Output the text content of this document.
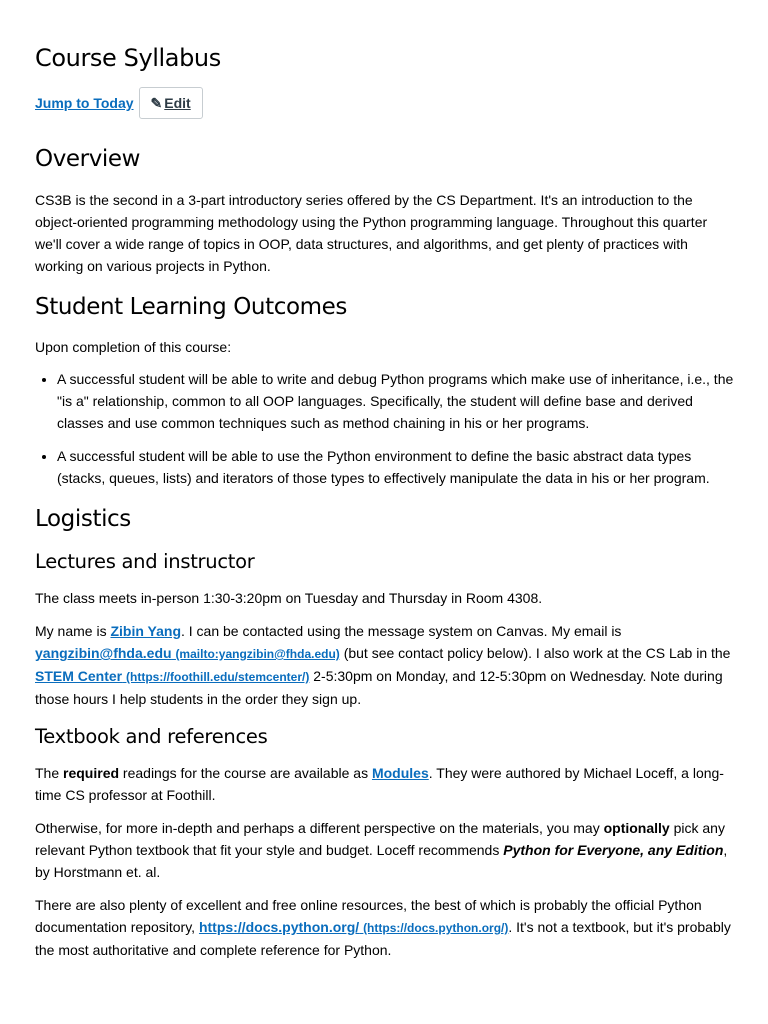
Course Syllabus
Jump to Today ✎ Edit
Overview

CS3B is the second in a 3-part introductory series offered by the CS Department. It's an introduction to the object-oriented programming methodology using the Python programming language. Throughout this quarter we'll cover a wide range of topics in OOP, data structures, and algorithms, and get plenty of practices with working on various projects in Python.

Student Learning Outcomes

Upon completion of this course:

• A successful student will be able to write and debug Python programs which make use of inheritance, i.e., the "is a" relationship, common to all OOP languages. Specifically, the student will define base and derived classes and use common techniques such as method chaining in his or her programs.
• A successful student will be able to use the Python environment to define the basic abstract data types (stacks, queues, lists) and iterators of those types to effectively manipulate the data in his or her program.
Logistics
Lectures and instructor

The class meets in-person 1:30-3:20pm on Tuesday and Thursday in Room 4308.

My name is Zibin Yang. I can be contacted using the message system on Canvas. My email is yangzibin@fhda.edu (mailto:yangzibin@fhda.edu) (but see contact policy below). I also work at the CS Lab in the STEM Center (https://foothill.edu/stemcenter/) 2-5:30pm on Monday, and 12-5:30pm on Wednesday. Note during those hours I help students in the order they sign up.

Textbook and references

The required readings for the course are available as Modules. They were authored by Michael Loceff, a long-time CS professor at Foothill.

Otherwise, for more in-depth and perhaps a different perspective on the materials, you may optionally pick any relevant Python textbook that fit your style and budget. Loceff recommends Python for Everyone, any Edition, by Horstmann et. al.

There are also plenty of excellent and free online resources, the best of which is probably the official Python documentation repository, https://docs.python.org/ (https://docs.python.org/). It's not a textbook, but it's probably the most authoritative and complete reference for Python.
